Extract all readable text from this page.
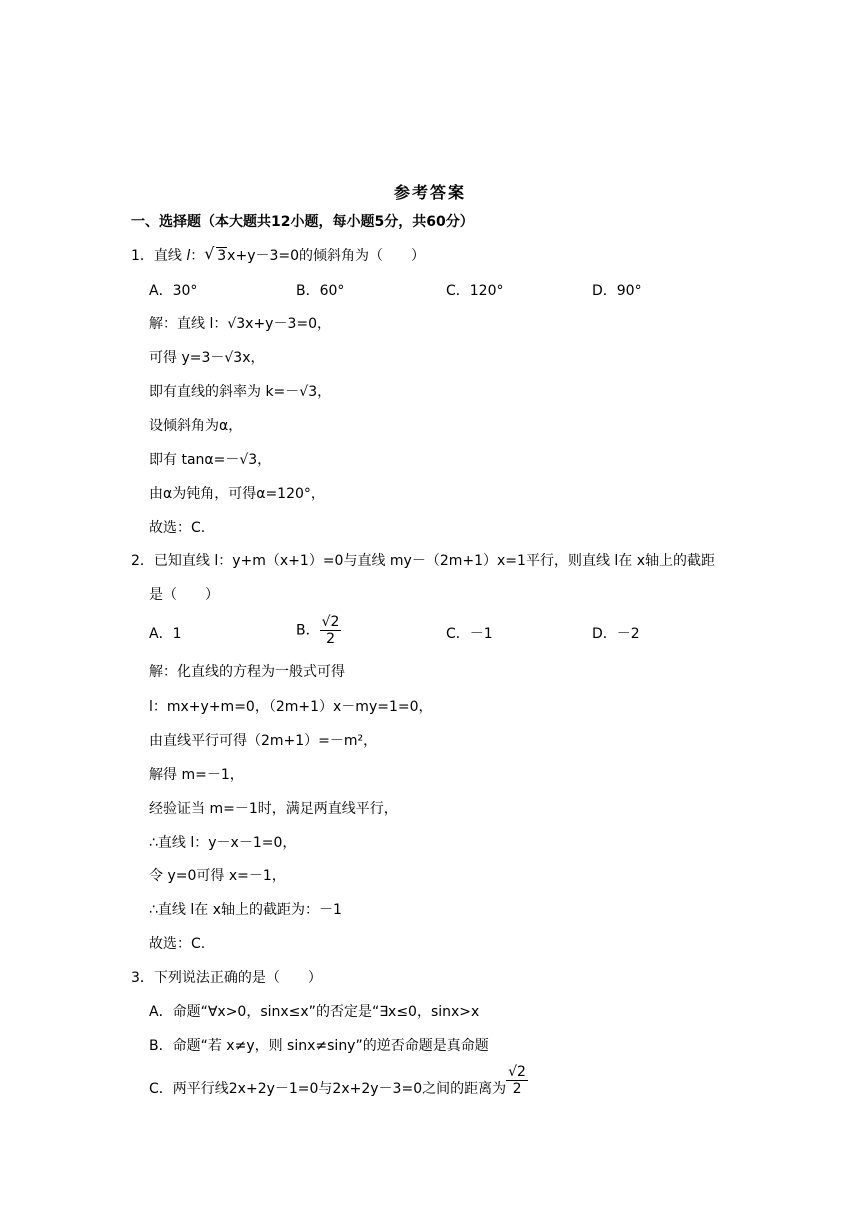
参考答案
一、选择题（本大题共12小题，每小题5分，共60分）
1．直线 l：√ 3x+y－3=0的倾斜角为（　　）
A．30°	B．60°	C．120°	D．90°
解：直线 l：√3x+y－3=0，
可得 y=3－√3x，
即有直线的斜率为 k=－√3，
设倾斜角为α，
即有 tanα=－√3，
由α为钝角，可得α=120°，
故选：C.
2．已知直线 l：y+m（x+1）=0与直线 my－（2m+1）x=1平行，则直线 l在 x轴上的截距
是（　　）
A．1	B． $\frac{√2}{2}$	C．－1	D．－2
解：化直线的方程为一般式可得
l：mx+y+m=0，（2m+1）x－my=1=0，
由直线平行可得（2m+1）=－m²，
解得 m=－1，
经验证当 m=－1时，满足两直线平行，
∴直线 l：y－x－1=0，
令 y=0可得 x=－1，
∴直线 l在 x轴上的截距为：－1
故选：C.
3．下列说法正确的是（　　）
A．命题“∀x>0，sinx≤x”的否定是“∃x≤0，sinx>x
B．命题“若 x≠y，则 sinx≠siny”的逆否命题是真命题
C．两平行线2x+2y－1=0与2x+2y－3=0之间的距离为 $\frac{√2}{2}$
